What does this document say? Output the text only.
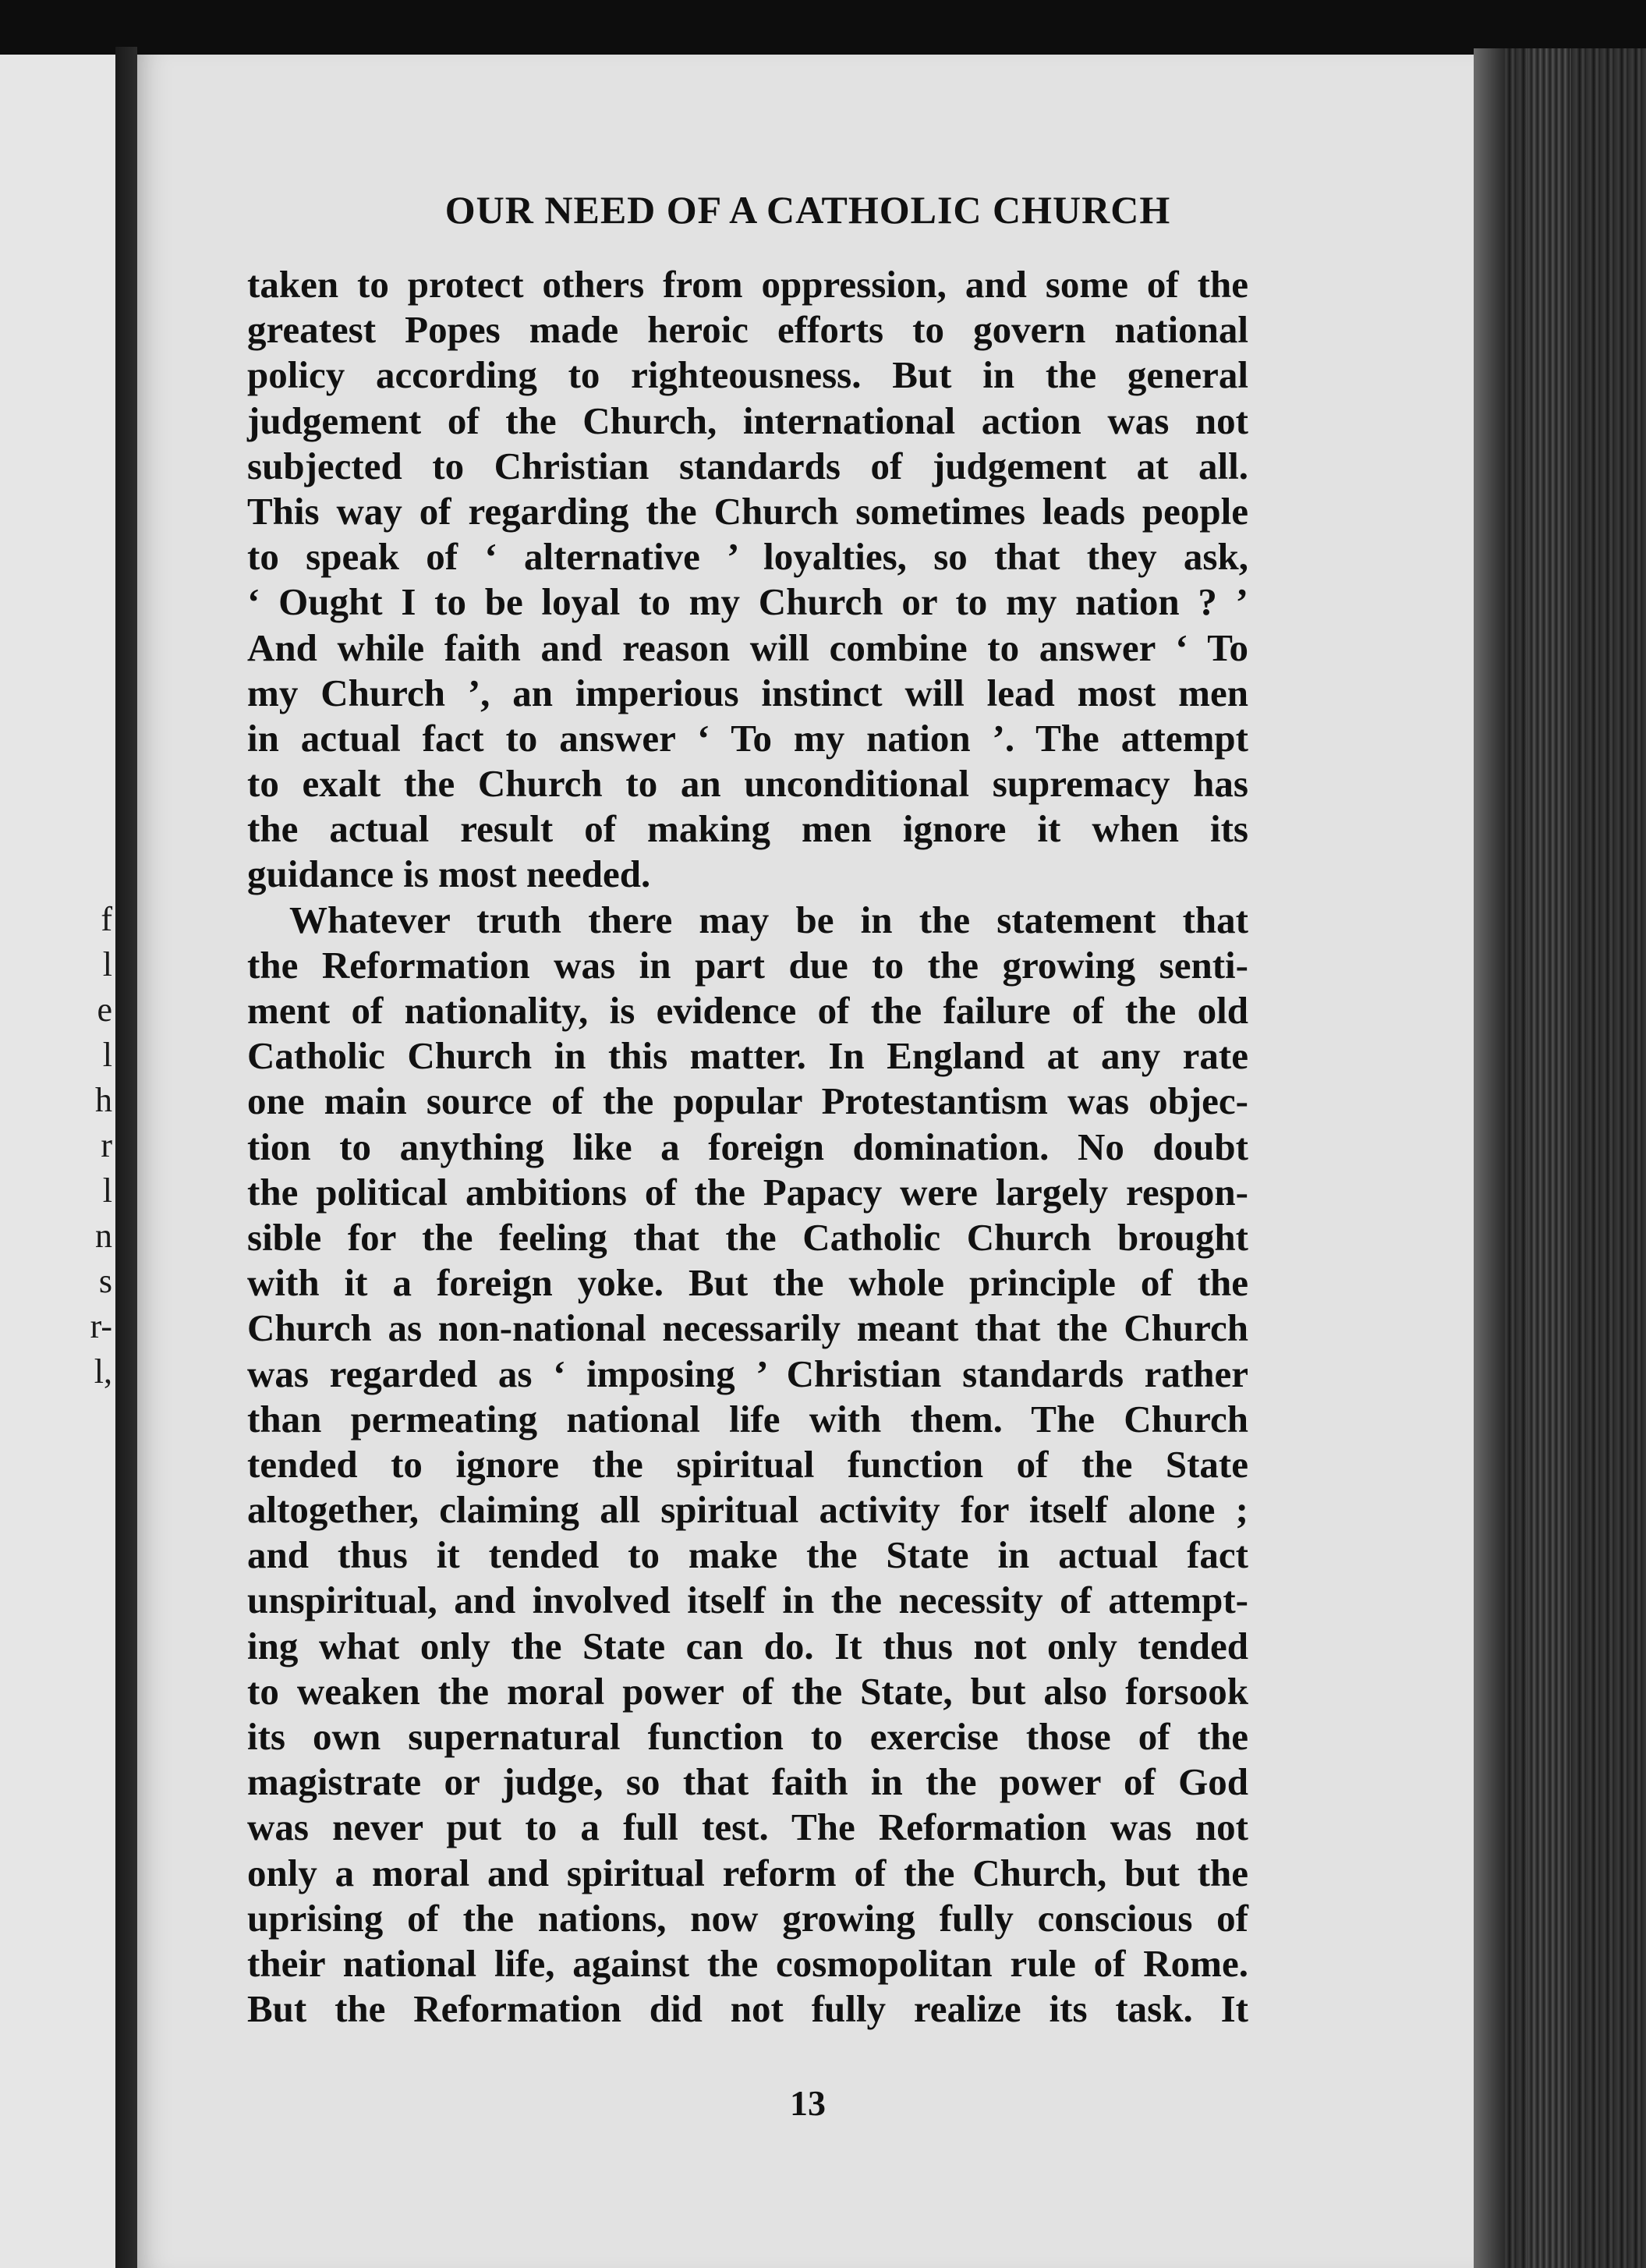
f
l
e
l
h
r
l
n
s
r-
l,
OUR NEED OF A CATHOLIC CHURCH
taken to protect others from oppression, and some of the
greatest Popes made heroic efforts to govern national
policy according to righteousness. But in the general
judgement of the Church, international action was not
subjected to Christian standards of judgement at all.
This way of regarding the Church sometimes leads people
to speak of ‘ alternative ’ loyalties, so that they ask,
‘ Ought I to be loyal to my Church or to my nation ? ’
And while faith and reason will combine to answer ‘ To
my Church ’, an imperious instinct will lead most men
in actual fact to answer ‘ To my nation ’. The attempt
to exalt the Church to an unconditional supremacy has
the actual result of making men ignore it when its
guidance is most needed.
Whatever truth there may be in the statement that
the Reformation was in part due to the growing senti-
ment of nationality, is evidence of the failure of the old
Catholic Church in this matter. In England at any rate
one main source of the popular Protestantism was objec-
tion to anything like a foreign domination. No doubt
the political ambitions of the Papacy were largely respon-
sible for the feeling that the Catholic Church brought
with it a foreign yoke. But the whole principle of the
Church as non-national necessarily meant that the Church
was regarded as ‘ imposing ’ Christian standards rather
than permeating national life with them. The Church
tended to ignore the spiritual function of the State
altogether, claiming all spiritual activity for itself alone ;
and thus it tended to make the State in actual fact
unspiritual, and involved itself in the necessity of attempt-
ing what only the State can do. It thus not only tended
to weaken the moral power of the State, but also forsook
its own supernatural function to exercise those of the
magistrate or judge, so that faith in the power of God
was never put to a full test. The Reformation was not
only a moral and spiritual reform of the Church, but the
uprising of the nations, now growing fully conscious of
their national life, against the cosmopolitan rule of Rome.
But the Reformation did not fully realize its task. It
13
